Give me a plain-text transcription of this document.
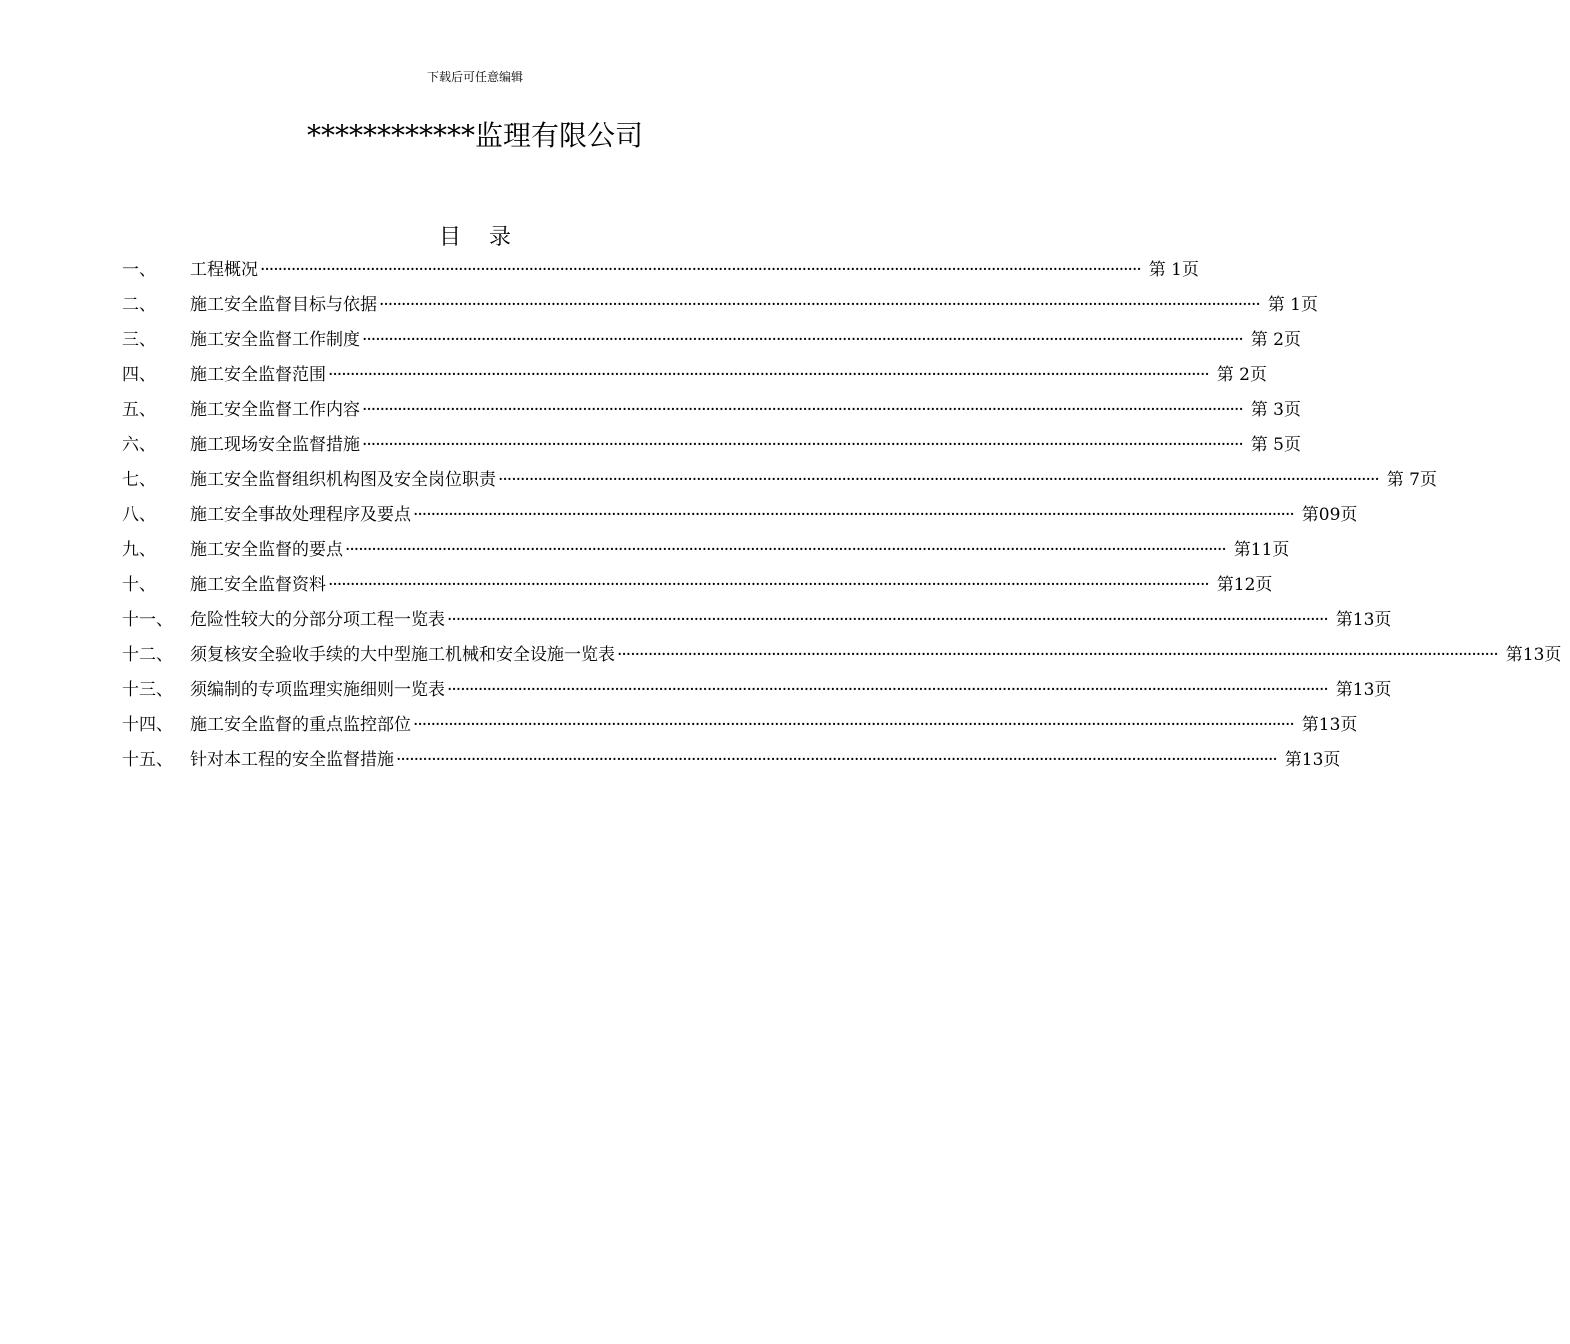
下载后可任意编辑
************监理有限公司
目 录
一、	工程概况 ········································································································································································································ 第 1页
二、	施工安全监督目标与依据 ········································································································································································································ 第 1页
三、	施工安全监督工作制度 ········································································································································································································ 第 2页
四、	施工安全监督范围 ········································································································································································································ 第 2页
五、	施工安全监督工作内容 ········································································································································································································ 第 3页
六、	施工现场安全监督措施 ········································································································································································································ 第 5页
七、	施工安全监督组织机构图及安全岗位职责 ········································································································································································································ 第 7页
八、	施工安全事故处理程序及要点 ········································································································································································································ 第09页
九、	施工安全监督的要点 ········································································································································································································ 第11页
十、	施工安全监督资料 ········································································································································································································ 第12页
十一、	危险性较大的分部分项工程一览表 ········································································································································································································ 第13页
十二、	须复核安全验收手续的大中型施工机械和安全设施一览表 ········································································································································································································ 第13页
十三、	须编制的专项监理实施细则一览表 ········································································································································································································ 第13页
十四、	施工安全监督的重点监控部位 ········································································································································································································ 第13页
十五、	针对本工程的安全监督措施 ········································································································································································································ 第13页
